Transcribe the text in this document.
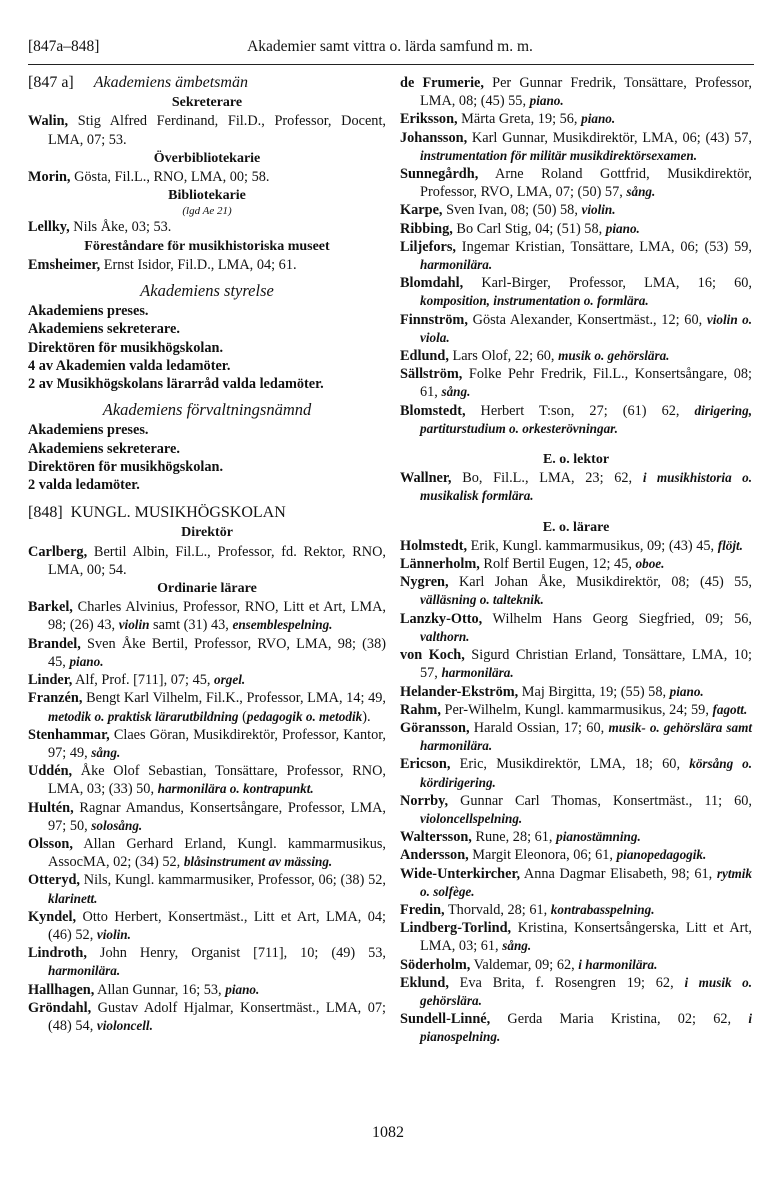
[847a–848]	Akademier samt vittra o. lärda samfund m. m.
[847 a] Akademiens ämbetsmän
Sekreterare
Walin, Stig Alfred Ferdinand, Fil.D., Professor, Docent, LMA, 07; 53.
Överbibliotekarie
Morin, Gösta, Fil.L., RNO, LMA, 00; 58.
Bibliotekarie
(lgd Ae 21)
Lellky, Nils Åke, 03; 53.
Föreståndare för musikhistoriska museet
Emsheimer, Ernst Isidor, Fil.D., LMA, 04; 61.
Akademiens styrelse
Akademiens preses.
Akademiens sekreterare.
Direktören för musikhögskolan.
4 av Akademien valda ledamöter.
2 av Musikhögskolans lärarråd valda ledamöter.
Akademiens förvaltningsnämnd
Akademiens preses.
Akademiens sekreterare.
Direktören för musikhögskolan.
2 valda ledamöter.
[848] KUNGL. MUSIKHÖGSKOLAN
Direktör
Carlberg, Bertil Albin, Fil.L., Professor, fd. Rektor, RNO, LMA, 00; 54.
Ordinarie lärare
Barkel, Charles Alvinius, Professor, RNO, Litt et Art, LMA, 98; (26) 43, violin samt (31) 43, ensemblespelning.
Brandel, Sven Åke Bertil, Professor, RVO, LMA, 98; (38) 45, piano.
Linder, Alf, Prof. [711], 07; 45, orgel.
Franzén, Bengt Karl Vilhelm, Fil.K., Professor, LMA, 14; 49, metodik o. praktisk lärarutbildning (pedagogik o. metodik).
Stenhammar, Claes Göran, Musikdirektör, Professor, Kantor, 97; 49, sång.
Uddén, Åke Olof Sebastian, Tonsättare, Professor, RNO, LMA, 03; (33) 50, harmonilära o. kontrapunkt.
Hultén, Ragnar Amandus, Konsertsångare, Professor, LMA, 97; 50, solosång.
Olsson, Allan Gerhard Erland, Kungl. kammarmusikus, AssocMA, 02; (34) 52, blåsinstrument av mässing.
Otteryd, Nils, Kungl. kammarmusiker, Professor, 06; (38) 52, klarinett.
Kyndel, Otto Herbert, Konsertmäst., Litt et Art, LMA, 04; (46) 52, violin.
Lindroth, John Henry, Organist [711], 10; (49) 53, harmonilära.
Hallhagen, Allan Gunnar, 16; 53, piano.
Gröndahl, Gustav Adolf Hjalmar, Konsertmäst., LMA, 07; (48) 54, violoncell.
de Frumerie, Per Gunnar Fredrik, Tonsättare, Professor, LMA, 08; (45) 55, piano.
Eriksson, Märta Greta, 19; 56, piano.
Johansson, Karl Gunnar, Musikdirektör, LMA, 06; (43) 57, instrumentation för militär musikdirektörsexamen.
Sunnegårdh, Arne Roland Gottfrid, Musikdirektör, Professor, RVO, LMA, 07; (50) 57, sång.
Karpe, Sven Ivan, 08; (50) 58, violin.
Ribbing, Bo Carl Stig, 04; (51) 58, piano.
Liljefors, Ingemar Kristian, Tonsättare, LMA, 06; (53) 59, harmonilära.
Blomdahl, Karl-Birger, Professor, LMA, 16; 60, komposition, instrumentation o. formlära.
Finnström, Gösta Alexander, Konsertmäst., 12; 60, violin o. viola.
Edlund, Lars Olof, 22; 60, musik o. gehörslära.
Sällström, Folke Pehr Fredrik, Fil.L., Konsertsångare, 08; 61, sång.
Blomstedt, Herbert T:son, 27; (61) 62, dirigering, partiturstudium o. orkesterövningar.
E. o. lektor
Wallner, Bo, Fil.L., LMA, 23; 62, i musikhistoria o. musikalisk formlära.
E. o. lärare
Holmstedt, Erik, Kungl. kammarmusikus, 09; (43) 45, flöjt.
Lännerholm, Rolf Bertil Eugen, 12; 45, oboe.
Nygren, Karl Johan Åke, Musikdirektör, 08; (45) 55, välläsning o. talteknik.
Lanzky-Otto, Wilhelm Hans Georg Siegfried, 09; 56, valthorn.
von Koch, Sigurd Christian Erland, Tonsättare, LMA, 10; 57, harmonilära.
Helander-Ekström, Maj Birgitta, 19; (55) 58, piano.
Rahm, Per-Wilhelm, Kungl. kammarmusikus, 24; 59, fagott.
Göransson, Harald Ossian, 17; 60, musik- o. gehörslära samt harmonilära.
Ericson, Eric, Musikdirektör, LMA, 18; 60, körsång o. kördirigering.
Norrby, Gunnar Carl Thomas, Konsertmäst., 11; 60, violoncellspelning.
Waltersson, Rune, 28; 61, pianostämning.
Andersson, Margit Eleonora, 06; 61, pianopedagogik.
Wide-Unterkircher, Anna Dagmar Elisabeth, 98; 61, rytmik o. solfège.
Fredin, Thorvald, 28; 61, kontrabasspelning.
Lindberg-Torlind, Kristina, Konsertsångerska, Litt et Art, LMA, 03; 61, sång.
Söderholm, Valdemar, 09; 62, i harmonilära.
Eklund, Eva Brita, f. Rosengren 19; 62, i musik o. gehörslära.
Sundell-Linné, Gerda Maria Kristina, 02; 62, i pianospelning.
1082
